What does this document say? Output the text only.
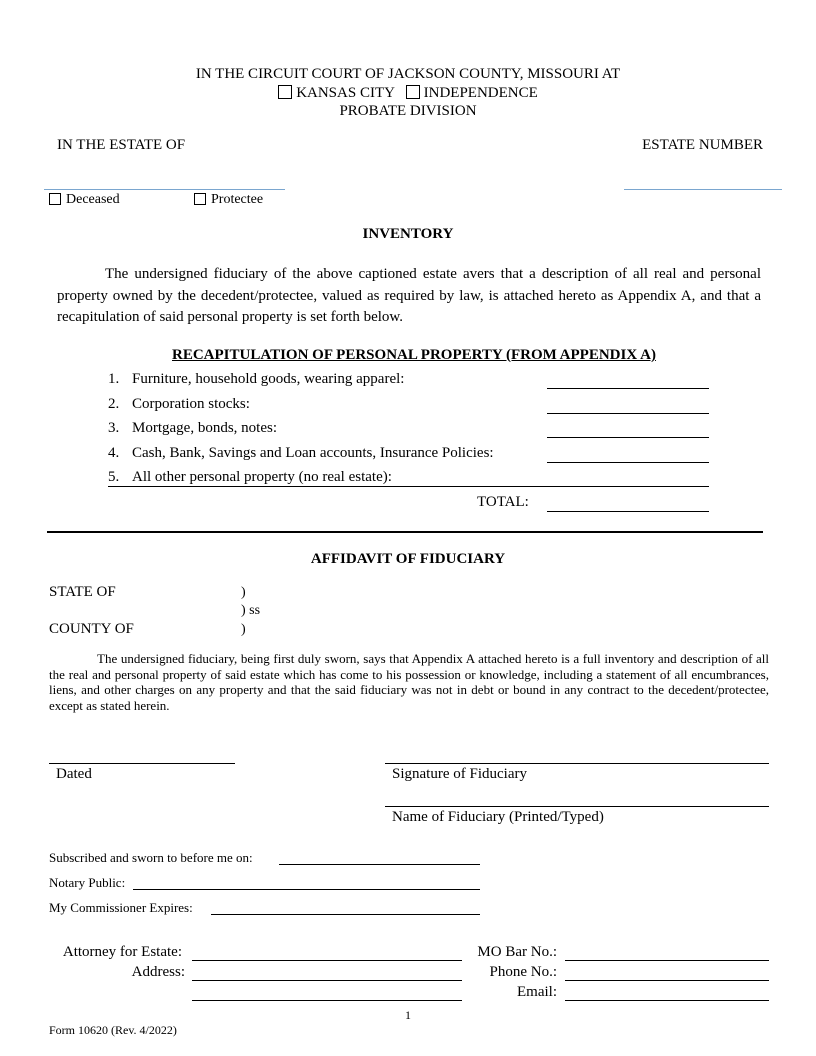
IN THE CIRCUIT COURT OF JACKSON COUNTY, MISSOURI AT
KANSAS CITY INDEPENDENCE
PROBATE DIVISION
IN THE ESTATE OF	ESTATE NUMBER
Deceased	Protectee
INVENTORY
The undersigned fiduciary of the above captioned estate avers that a description of all real and personal property owned by the decedent/protectee, valued as required by law, is attached hereto as Appendix A, and that a recapitulation of said personal property is set forth below.
RECAPITULATION OF PERSONAL PROPERTY (FROM APPENDIX A)
1. Furniture, household goods, wearing apparel:
2. Corporation stocks:
3. Mortgage, bonds, notes:
4. Cash, Bank, Savings and Loan accounts, Insurance Policies:
5. All other personal property (no real estate):
TOTAL:
AFFIDAVIT OF FIDUCIARY
STATE OF	)
) ss
COUNTY OF	)
The undersigned fiduciary, being first duly sworn, says that Appendix A attached hereto is a full inventory and description of all the real and personal property of said estate which has come to his possession or knowledge, including a statement of all encumbrances, liens, and other charges on any property and that the said fiduciary was not in debt or bound in any contract to the decedent/protectee, except as stated herein.
Dated	Signature of Fiduciary
Name of Fiduciary (Printed/Typed)
Subscribed and sworn to before me on:
Notary Public:
My Commissioner Expires:
Attorney for Estate:	MO Bar No.:
Address:	Phone No.:
Email:
1
Form 10620 (Rev. 4/2022)
